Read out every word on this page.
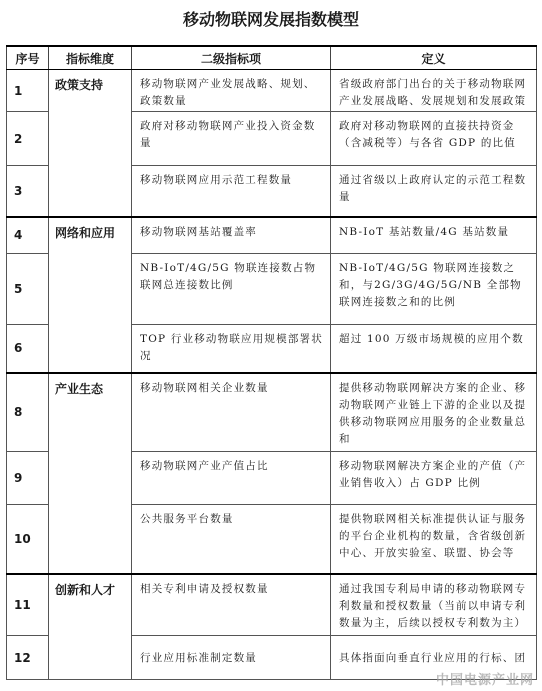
移动物联网发展指数模型
序号	指标维度	二级指标项	定义
1	政策支持	移动物联网产业发展战略、规划、政策数量	省级政府部门出台的关于移动物联网产业发展战略、发展规划和发展政策
2		政府对移动物联网产业投入资金数量	政府对移动物联网的直接扶持资金（含减税等）与各省 GDP 的比值
3		移动物联网应用示范工程数量	通过省级以上政府认定的示范工程数量
4	网络和应用	移动物联网基站覆盖率	NB-IoT 基站数量/4G 基站数量
5		NB-IoT/4G/5G 物联连接数占物联网总连接数比例	NB-IoT/4G/5G 物联网连接数之和，与2G/3G/4G/5G/NB 全部物联网连接数之和的比例
6		TOP 行业移动物联应用规模部署状况	超过 100 万级市场规模的应用个数
8	产业生态	移动物联网相关企业数量	提供移动物联网解决方案的企业、移动物联网产业链上下游的企业以及提供移动物联网应用服务的企业数量总和
9		移动物联网产业产值占比	移动物联网解决方案企业的产值（产业销售收入）占 GDP 比例
10		公共服务平台数量	提供物联网相关标准提供认证与服务的平台企业机构的数量，含省级创新中心、开放实验室、联盟、协会等
11	创新和人才	相关专利申请及授权数量	通过我国专利局申请的移动物联网专利数量和授权数量（当前以申请专利数量为主，后续以授权专利数为主）
12		行业应用标准制定数量	具体指面向垂直行业应用的行标、团
中国电源产业网
